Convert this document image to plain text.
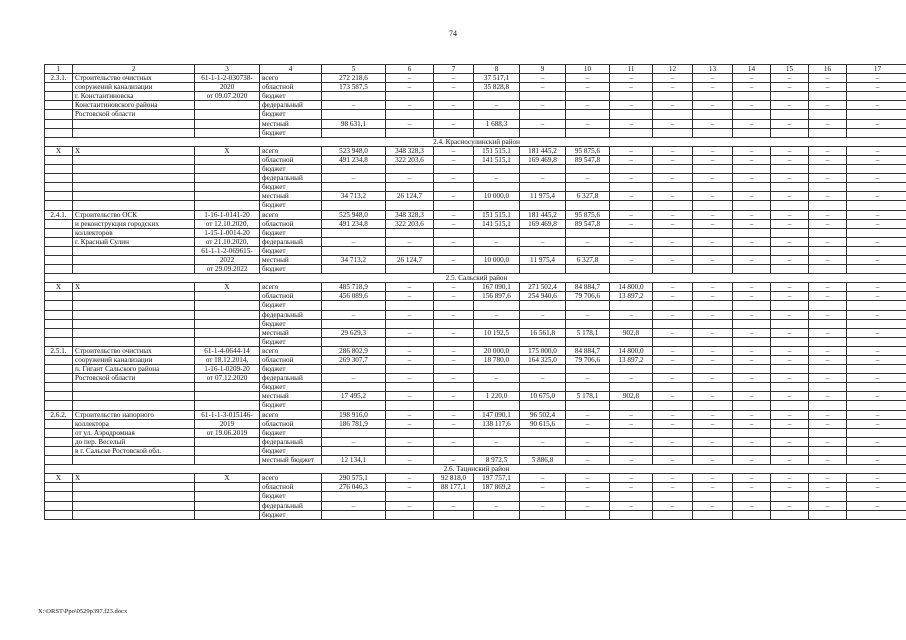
74
1	2	3	4	5	6	7	8	9	10	11	12	13	14	15	16	17
2.3.1.	Строительство очистных	61-1-1-2-030738-	всего	272 218,6	–	–	37 517,1	–	–	–	–	–	–	–	–	–
	сооружений канализации	2020	областной	173 587,5	–	–	35 828,8	–	–	–	–	–	–	–	–	–
	г. Константиновска	от 09.07.2020	бюджет													
	Константиновского района		федеральный	–	–	–	–	–	–	–	–	–	–	–	–	–
	Ростовской области		бюджет													
			местный	98 631,1	–	–	1 688,3	–	–	–	–	–	–	–	–	–
			бюджет													
2.4. Красносулинский район																
Х	Х	Х	всего	523 948,0	348 328,3	–	151 515,1	181 445,2	95 875,6	–	–	–	–	–	–	–
			областной	491 234,8	322 203,6	–	141 515,1	169 469,8	89 547,8	–	–	–	–	–	–	–
			бюджет													
			федеральный	–	–	–	–	–	–	–	–	–	–	–	–	–
			бюджет													
			местный	34 713,2	26 124,7	–	10 000,0	11 975,4	6 327,8	–	–	–	–	–	–	–
			бюджет													
2.4.1.	Строительство ОСК	1-16-1-0141-20	всего	525 948,0	348 328,3	–	151 515,1	181 445,2	95 875,6	–	–	–	–	–	–	–
	и реконструкция городских	от 12.10.2020,	областной	491 234,8	322 203,6	–	141 515,1	169 469,8	89 547,8	–	–	–	–	–	–	–
	коллекторов	1-15-1-0014-20	бюджет													
	г. Красный Сулин	от 21.10.2020,	федеральный	–	–	–	–	–	–	–	–	–	–	–	–	–
		61-1-1-2-069615-	бюджет													
		2022	местный	34 713,2	26 124,7	–	10 000,0	11 975,4	6 327,8	–	–	–	–	–	–	–
		от 29.09.2022	бюджет													
2.5. Сальский район																
Х	Х	Х	всего	485 718,9	–	–	167 090,1	271 502,4	84 884,7	14 800,0	–	–	–	–	–	–
			областной	456 089,6	–	–	156 897,6	254 940,6	79 706,6	13 897,2	–	–	–	–	–	–
			бюджет													
			федеральный	–	–	–	–	–	–	–	–	–	–	–	–	–
			бюджет													
			местный	29 629,3	–	–	10 192,5	16 561,8	5 178,1	902,8	–	–	–	–	–	–
			бюджет													
2.5.1.	Строительство очистных	61-1-4-0644-14	всего	286 802,9	–	–	20 000,0	175 000,0	84 884,7	14 800,0	–	–	–	–	–	–
	сооружений канализации	от 18.12.2014,	областной	269 307,7	–	–	18 780,0	164 325,0	79 706,6	13 897,2	–	–	–	–	–	–
	п. Гигант Сальского района	1-16-1-0209-20	бюджет													
	Ростовской области	от 07.12.2020	федеральный	–	–	–	–	–	–	–	–	–	–	–	–	–
			бюджет													
			местный	17 495,2	–	–	1 220,0	10 675,0	5 178,1	902,8	–	–	–	–	–	–
			бюджет													
2.6.2.	Строительство напорного	61-1-1-3-015146-	всего	198 916,0	–	–	147 090,1	96 502,4	–	–	–	–	–	–	–	–
	коллектора	2019	областной	186 781,9	–	–	138 117,6	90 615,6	–	–	–	–	–	–	–	–
	от ул. Аэродромная	от 19.06.2019	бюджет													
	до пер. Веселый		федеральный	–	–	–	–	–	–	–	–	–	–	–	–	–
	в г. Сальске Ростовской обл.		бюджет													
			местный бюджет	12 134,1	–	–	8 972,5	5 886,8	–	–	–	–	–	–	–	–
2.6. Тацинский район																
Х	Х	Х	всего	290 575,1	–	92 818,0	197 757,1	–	–	–	–	–	–	–	–	–
			областной	276 046,3	–	88 177,1	187 869,2	–	–	–	–	–	–	–	–	–
			бюджет													
			федеральный	–	–	–	–	–	–	–	–	–	–	–	–	–
			бюджет													
X:\ORST\Ppo\0529p397.f23.docx
